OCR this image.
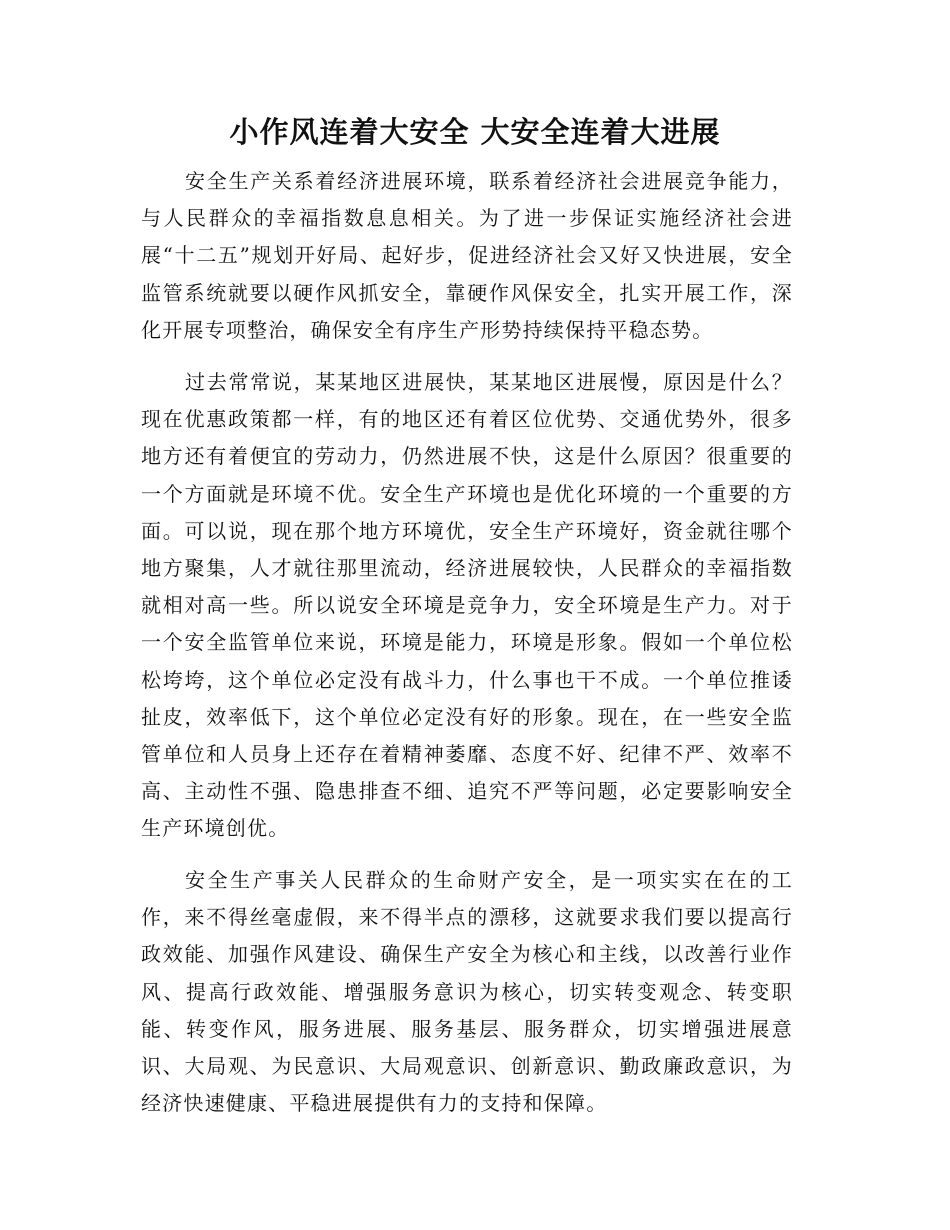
小作风连着大安全 大安全连着大进展

安全生产关系着经济进展环境，联系着经济社会进展竞争能力，与人民群众的幸福指数息息相关。为了进一步保证实施经济社会进展“十二五”规划开好局、起好步，促进经济社会又好又快进展，安全监管系统就要以硬作风抓安全，靠硬作风保安全，扎实开展工作，深化开展专项整治，确保安全有序生产形势持续保持平稳态势。

过去常常说，某某地区进展快，某某地区进展慢，原因是什么？现在优惠政策都一样，有的地区还有着区位优势、交通优势外，很多地方还有着便宜的劳动力，仍然进展不快，这是什么原因？很重要的一个方面就是环境不优。安全生产环境也是优化环境的一个重要的方面。可以说，现在那个地方环境优，安全生产环境好，资金就往哪个地方聚集，人才就往那里流动，经济进展较快，人民群众的幸福指数就相对高一些。所以说安全环境是竞争力，安全环境是生产力。对于一个安全监管单位来说，环境是能力，环境是形象。假如一个单位松松垮垮，这个单位必定没有战斗力，什么事也干不成。一个单位推诿扯皮，效率低下，这个单位必定没有好的形象。现在，在一些安全监管单位和人员身上还存在着精神萎靡、态度不好、纪律不严、效率不高、主动性不强、隐患排查不细、追究不严等问题，必定要影响安全生产环境创优。

安全生产事关人民群众的生命财产安全，是一项实实在在的工作，来不得丝毫虚假，来不得半点的漂移，这就要求我们要以提高行政效能、加强作风建设、确保生产安全为核心和主线，以改善行业作风、提高行政效能、增强服务意识为核心，切实转变观念、转变职能、转变作风，服务进展、服务基层、服务群众，切实增强进展意识、大局观、为民意识、大局观意识、创新意识、勤政廉政意识，为经济快速健康、平稳进展提供有力的支持和保障。
